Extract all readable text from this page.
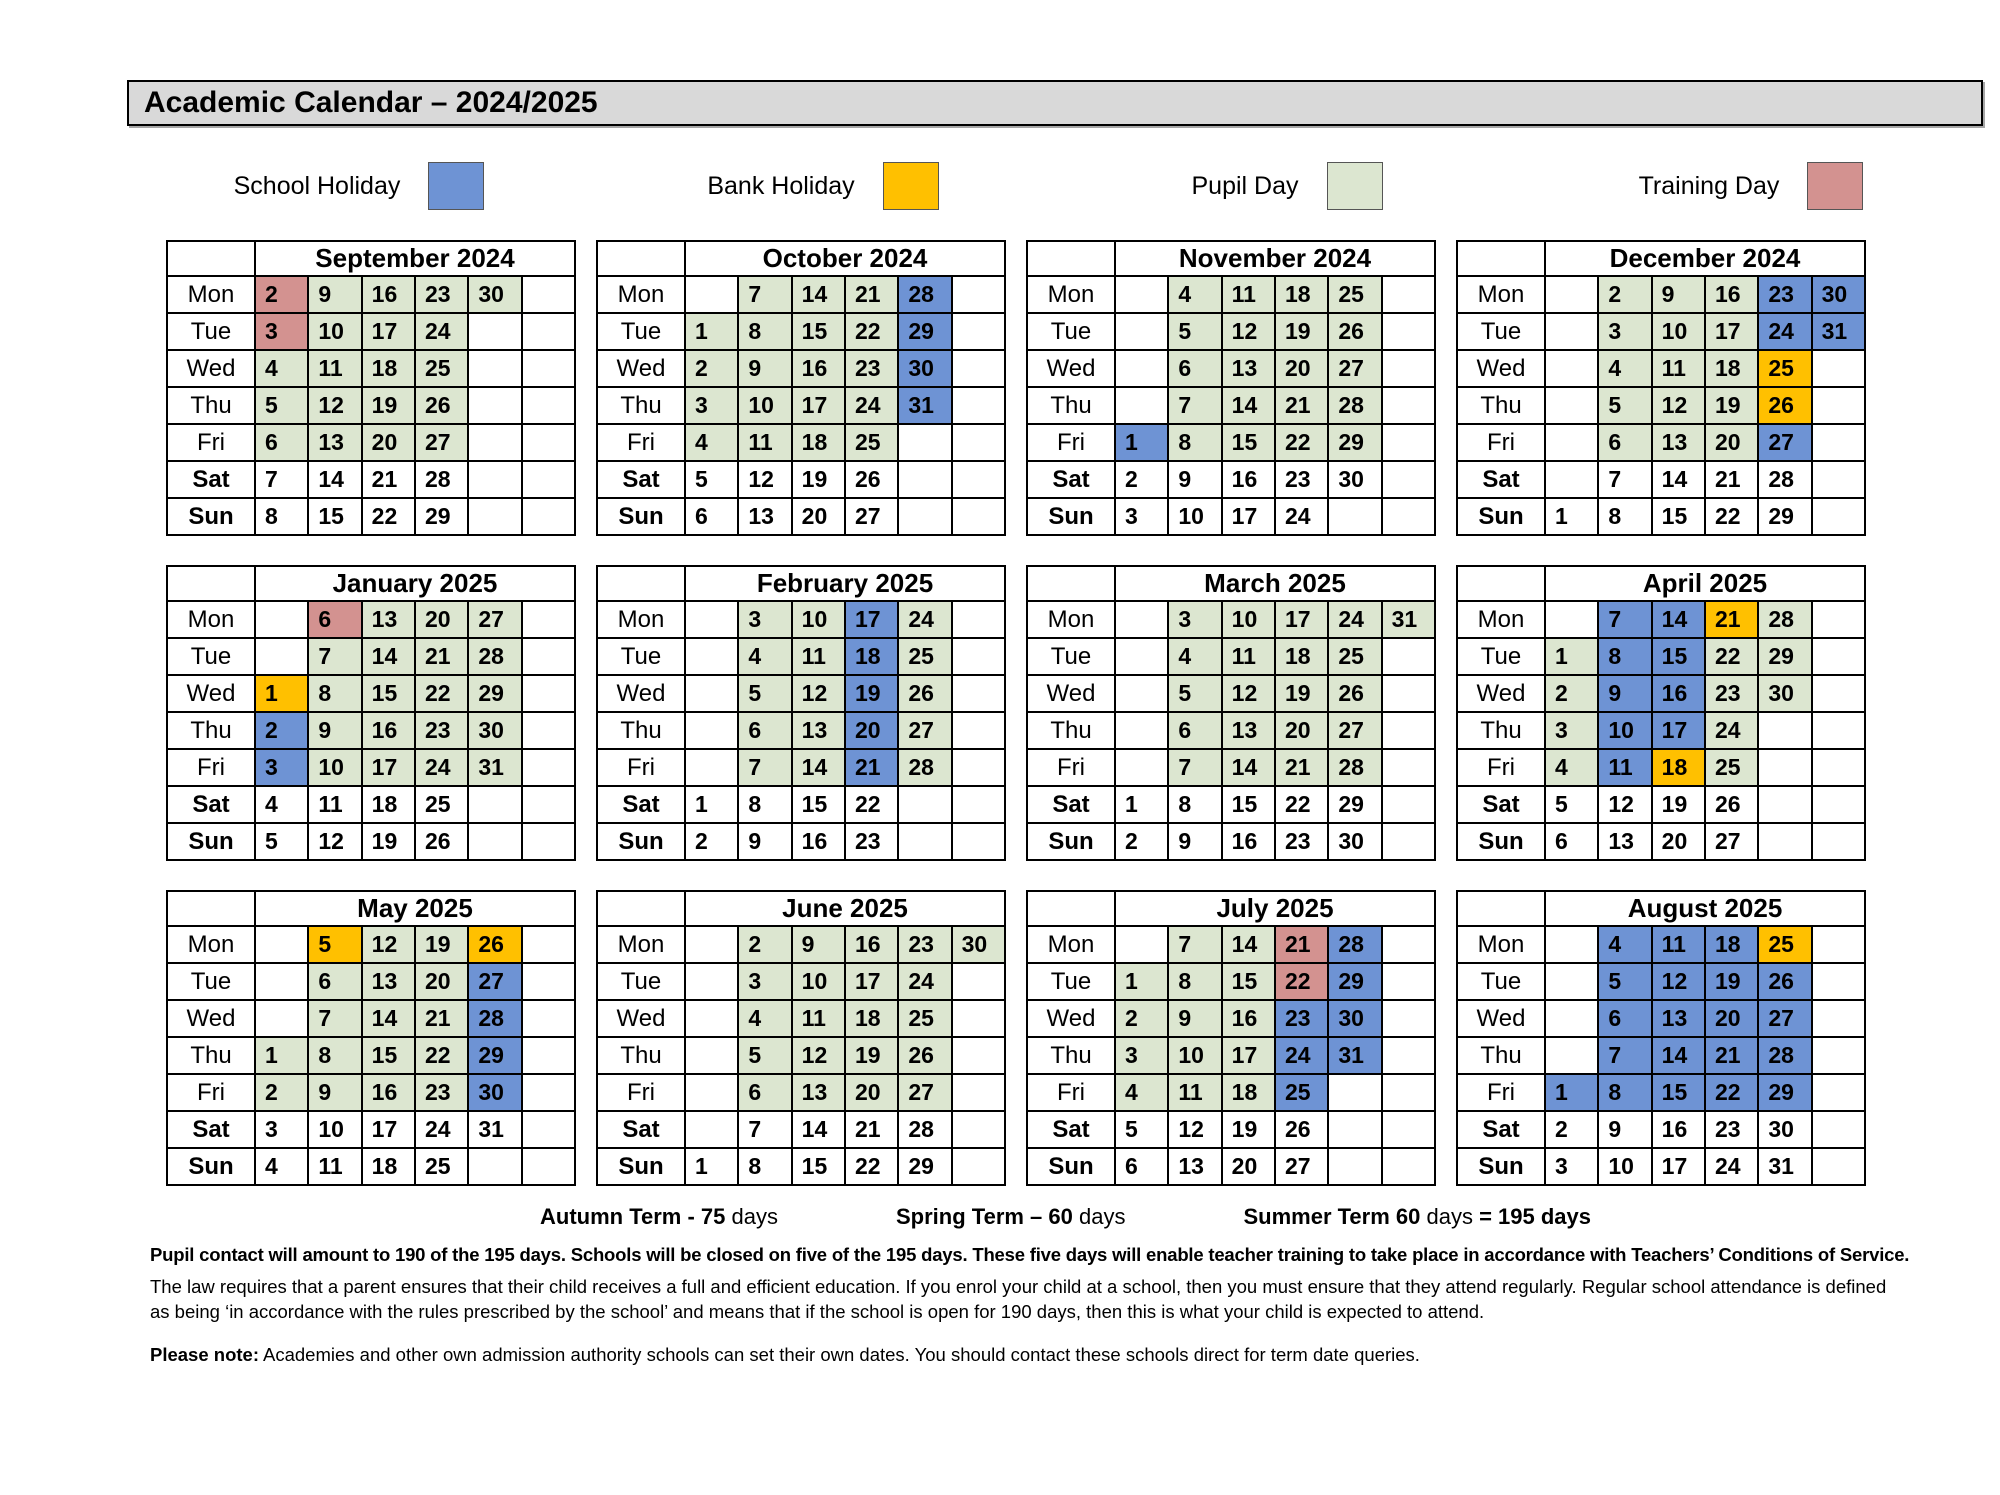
Academic Calendar – 2024/2025
School Holiday	Bank Holiday	Pupil Day	Training Day
	September 2024					
Mon	2	9	16	23	30	
Tue	3	10	17	24		
Wed	4	11	18	25		
Thu	5	12	19	26		
Fri	6	13	20	27		
Sat	7	14	21	28		
Sun	8	15	22	29		
	October 2024					
Mon		7	14	21	28	
Tue	1	8	15	22	29	
Wed	2	9	16	23	30	
Thu	3	10	17	24	31	
Fri	4	11	18	25		
Sat	5	12	19	26		
Sun	6	13	20	27		
	November 2024					
Mon		4	11	18	25	
Tue		5	12	19	26	
Wed		6	13	20	27	
Thu		7	14	21	28	
Fri	1	8	15	22	29	
Sat	2	9	16	23	30	
Sun	3	10	17	24		
	December 2024					
Mon		2	9	16	23	30
Tue		3	10	17	24	31
Wed		4	11	18	25	
Thu		5	12	19	26	
Fri		6	13	20	27	
Sat		7	14	21	28	
Sun	1	8	15	22	29	
	January 2025					
Mon		6	13	20	27	
Tue		7	14	21	28	
Wed	1	8	15	22	29	
Thu	2	9	16	23	30	
Fri	3	10	17	24	31	
Sat	4	11	18	25		
Sun	5	12	19	26		
	February 2025					
Mon		3	10	17	24	
Tue		4	11	18	25	
Wed		5	12	19	26	
Thu		6	13	20	27	
Fri		7	14	21	28	
Sat	1	8	15	22		
Sun	2	9	16	23		
	March 2025					
Mon		3	10	17	24	31
Tue		4	11	18	25	
Wed		5	12	19	26	
Thu		6	13	20	27	
Fri		7	14	21	28	
Sat	1	8	15	22	29	
Sun	2	9	16	23	30	
	April 2025					
Mon		7	14	21	28	
Tue	1	8	15	22	29	
Wed	2	9	16	23	30	
Thu	3	10	17	24		
Fri	4	11	18	25		
Sat	5	12	19	26		
Sun	6	13	20	27		
	May 2025					
Mon		5	12	19	26	
Tue		6	13	20	27	
Wed		7	14	21	28	
Thu	1	8	15	22	29	
Fri	2	9	16	23	30	
Sat	3	10	17	24	31	
Sun	4	11	18	25		
	June 2025					
Mon		2	9	16	23	30
Tue		3	10	17	24	
Wed		4	11	18	25	
Thu		5	12	19	26	
Fri		6	13	20	27	
Sat		7	14	21	28	
Sun	1	8	15	22	29	
	July 2025					
Mon		7	14	21	28	
Tue	1	8	15	22	29	
Wed	2	9	16	23	30	
Thu	3	10	17	24	31	
Fri	4	11	18	25		
Sat	5	12	19	26		
Sun	6	13	20	27		
	August 2025					
Mon		4	11	18	25	
Tue		5	12	19	26	
Wed		6	13	20	27	
Thu		7	14	21	28	
Fri	1	8	15	22	29	
Sat	2	9	16	23	30	
Sun	3	10	17	24	31	
Autumn Term - 75 days	Spring Term – 60 days	Summer Term 60 days = 195 days
Pupil contact will amount to 190 of the 195 days. Schools will be closed on five of the 195 days. These five days will enable teacher training to take place in accordance with Teachers’ Conditions of Service.
The law requires that a parent ensures that their child receives a full and efficient education. If you enrol your child at a school, then you must ensure that they attend regularly. Regular school attendance is defined as being ‘in accordance with the rules prescribed by the school’ and means that if the school is open for 190 days, then this is what your child is expected to attend.
Please note: Academies and other own admission authority schools can set their own dates. You should contact these schools direct for term date queries.
